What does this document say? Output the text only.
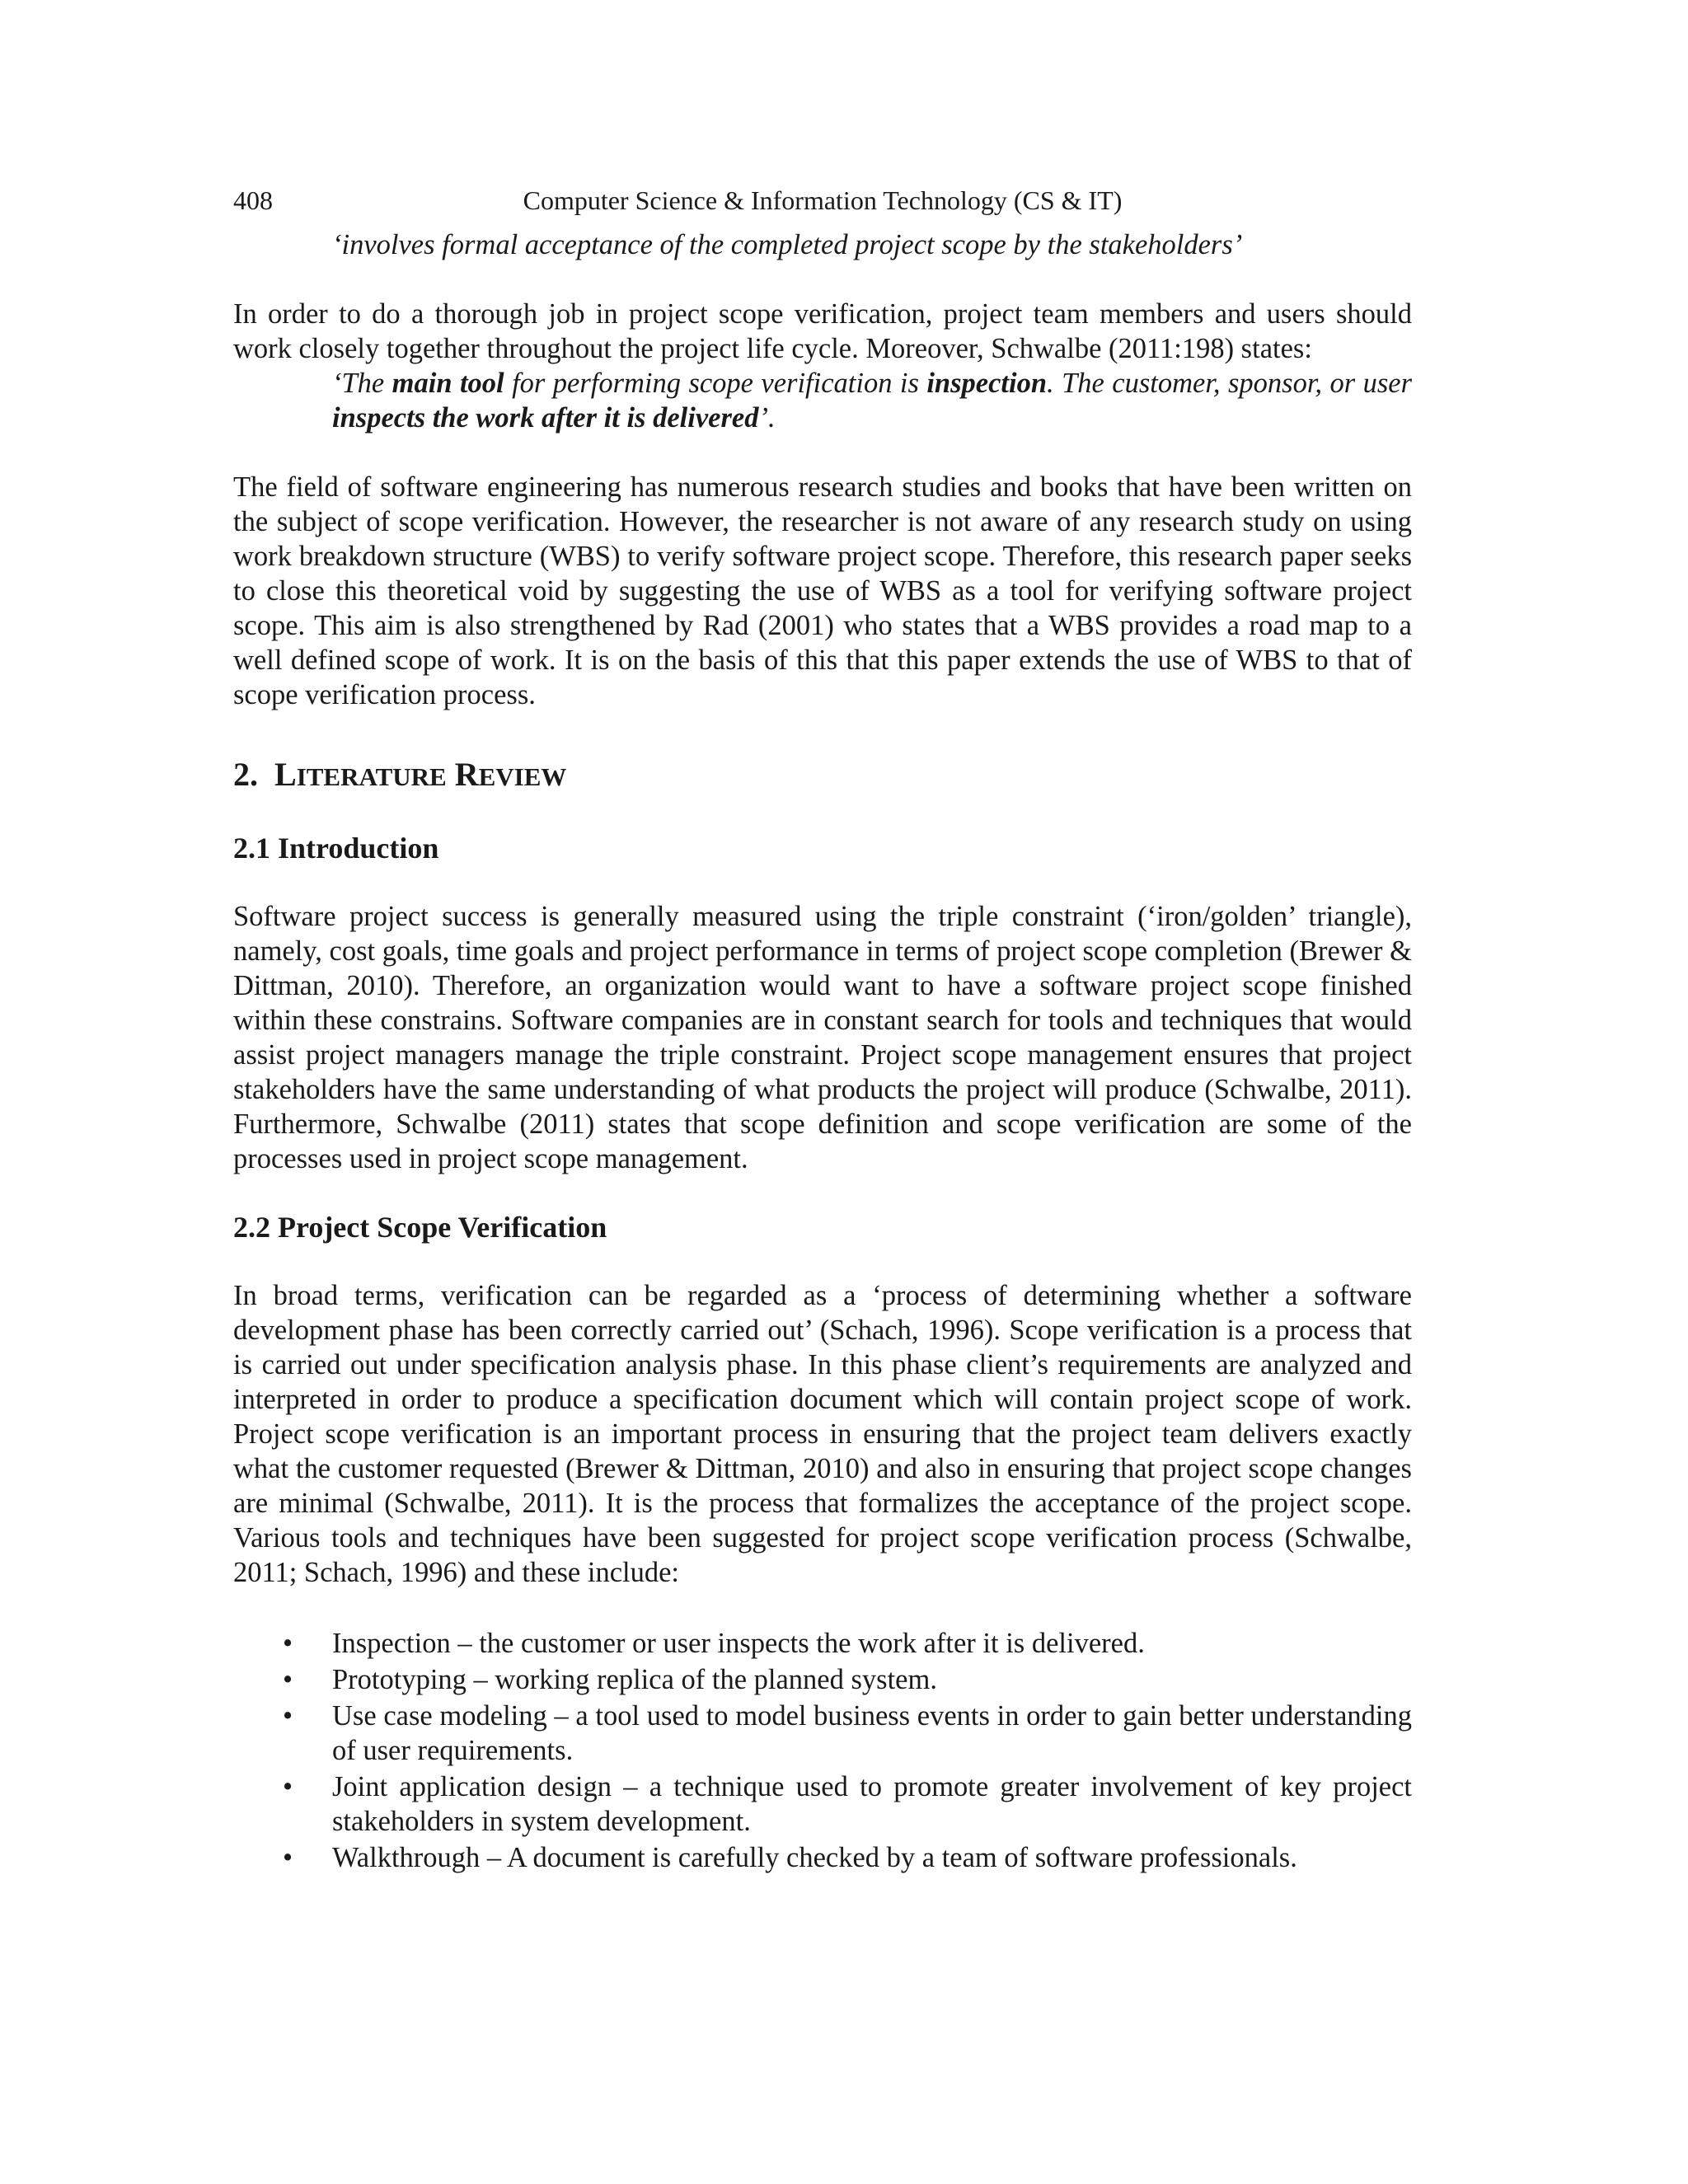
408	Computer Science & Information Technology (CS & IT)

‘involves formal acceptance of the completed project scope by the stakeholders’

In order to do a thorough job in project scope verification, project team members and users should work closely together throughout the project life cycle. Moreover, Schwalbe (2011:198) states:

‘The main tool for performing scope verification is inspection. The customer, sponsor, or user inspects the work after it is delivered’.

The field of software engineering has numerous research studies and books that have been written on the subject of scope verification. However, the researcher is not aware of any research study on using work breakdown structure (WBS) to verify software project scope. Therefore, this research paper seeks to close this theoretical void by suggesting the use of WBS as a tool for verifying software project scope. This aim is also strengthened by Rad (2001) who states that a WBS provides a road map to a well defined scope of work. It is on the basis of this that this paper extends the use of WBS to that of scope verification process.

2. LITERATURE REVIEW
2.1 Introduction

Software project success is generally measured using the triple constraint (‘iron/golden’ triangle), namely, cost goals, time goals and project performance in terms of project scope completion (Brewer & Dittman, 2010). Therefore, an organization would want to have a software project scope finished within these constrains. Software companies are in constant search for tools and techniques that would assist project managers manage the triple constraint. Project scope management ensures that project stakeholders have the same understanding of what products the project will produce (Schwalbe, 2011). Furthermore, Schwalbe (2011) states that scope definition and scope verification are some of the processes used in project scope management.

2.2 Project Scope Verification

In broad terms, verification can be regarded as a ‘process of determining whether a software development phase has been correctly carried out’ (Schach, 1996). Scope verification is a process that is carried out under specification analysis phase. In this phase client’s requirements are analyzed and interpreted in order to produce a specification document which will contain project scope of work. Project scope verification is an important process in ensuring that the project team delivers exactly what the customer requested (Brewer & Dittman, 2010) and also in ensuring that project scope changes are minimal (Schwalbe, 2011). It is the process that formalizes the acceptance of the project scope. Various tools and techniques have been suggested for project scope verification process (Schwalbe, 2011; Schach, 1996) and these include:

• Inspection – the customer or user inspects the work after it is delivered.
• Prototyping – working replica of the planned system.
• Use case modeling – a tool used to model business events in order to gain better understanding of user requirements.
• Joint application design – a technique used to promote greater involvement of key project stakeholders in system development.
• Walkthrough – A document is carefully checked by a team of software professionals.
